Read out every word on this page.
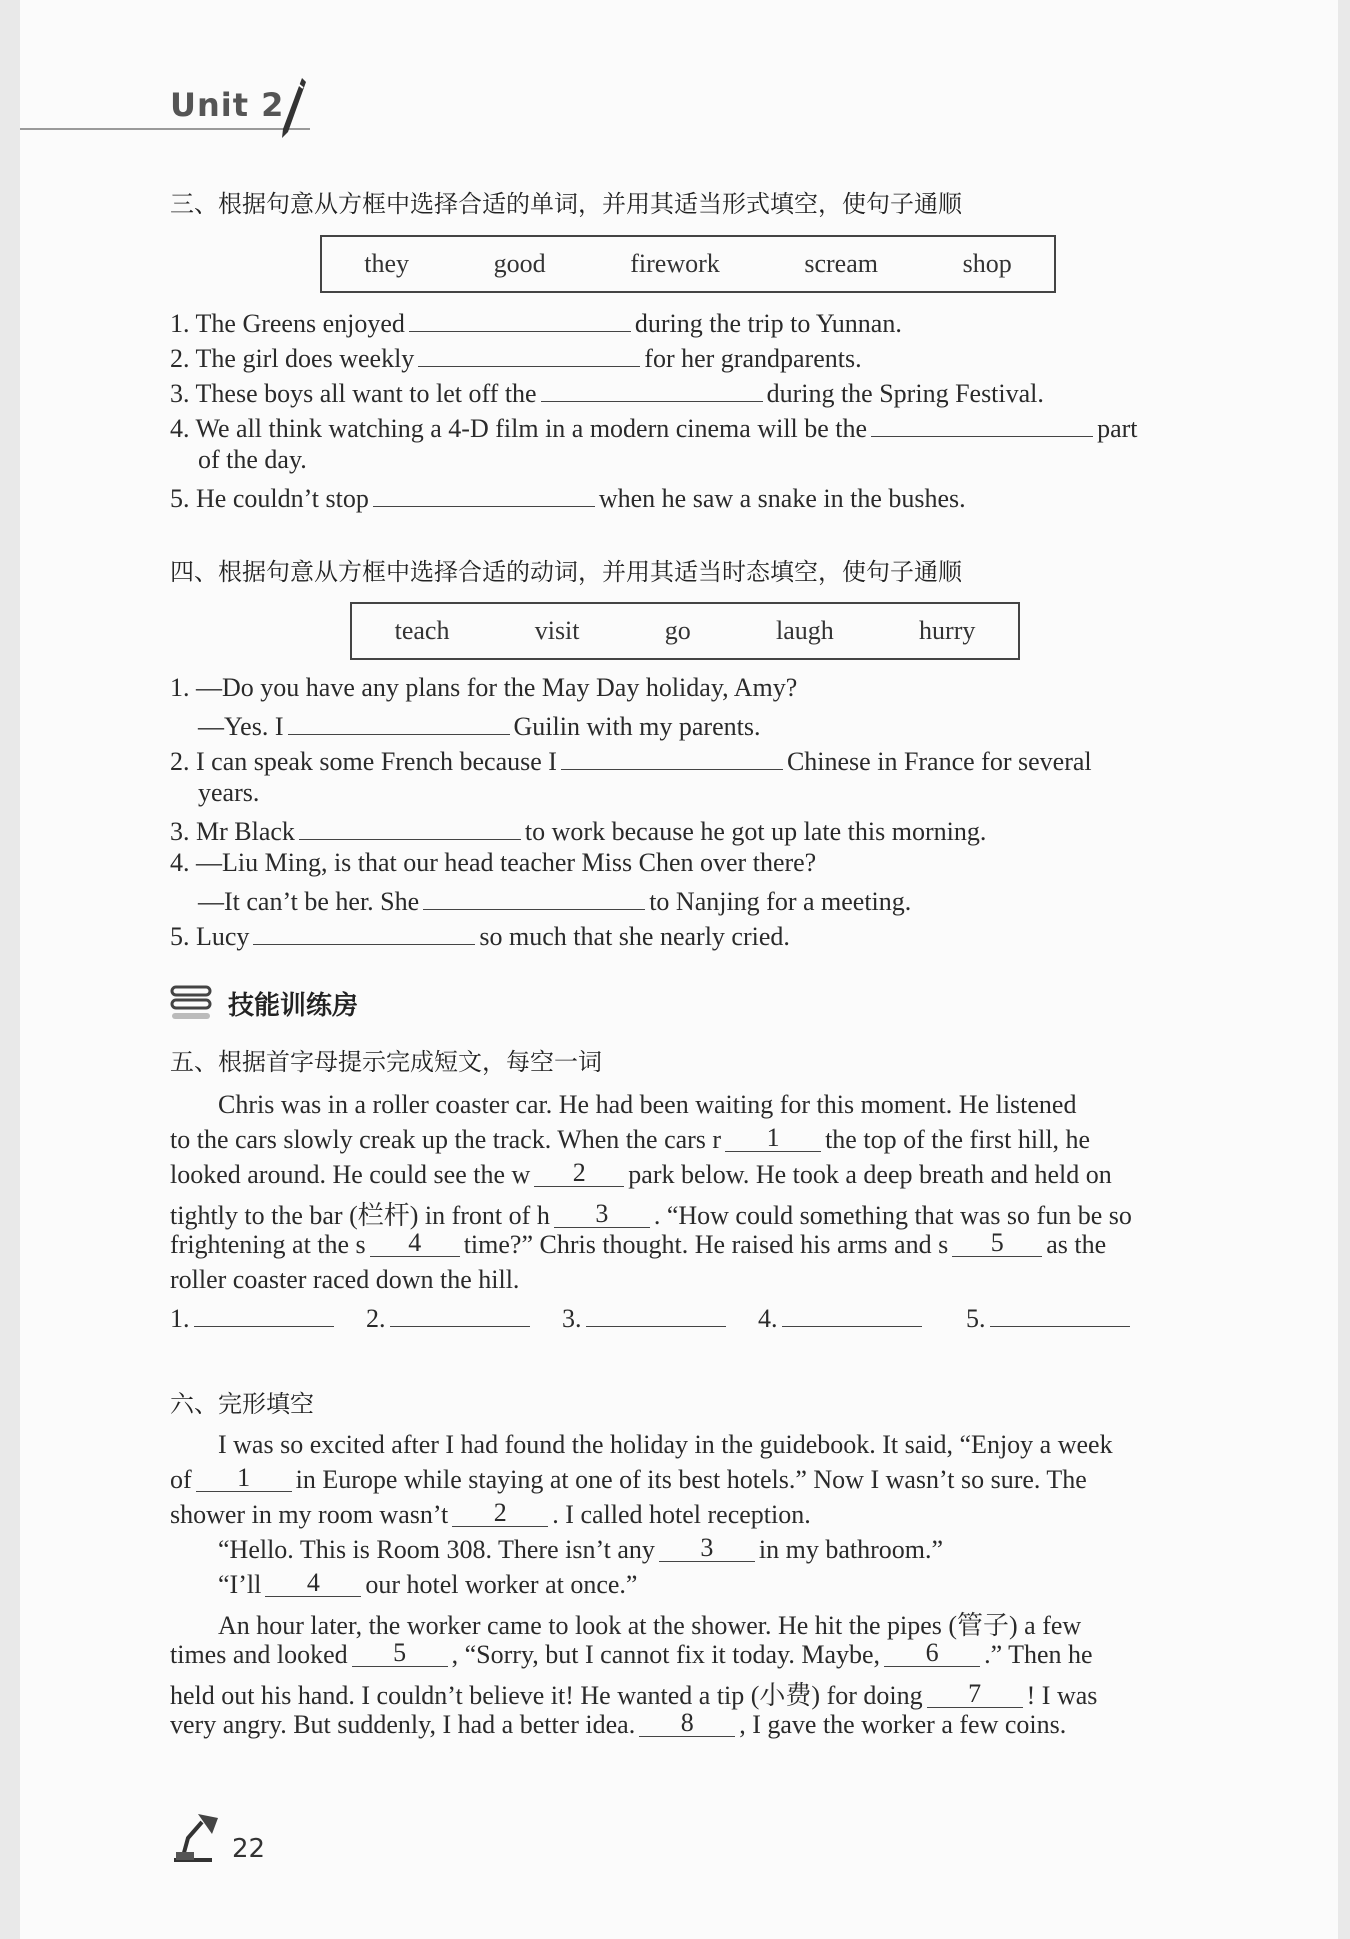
Unit 2
三、根据句意从方框中选择合适的单词，并用其适当形式填空，使句子通顺
they	good	firework	scream	shop
1. The Greens enjoyed	during the trip to Yunnan.
2. The girl does weekly	for her grandparents.
3. These boys all want to let off the	during the Spring Festival.
4. We all think watching a 4-D film in a modern cinema will be the	part
of the day.
5. He couldn’t stop	when he saw a snake in the bushes.
四、根据句意从方框中选择合适的动词，并用其适当时态填空，使句子通顺
teach	visit	go	laugh	hurry
1. —Do you have any plans for the May Day holiday, Amy?
—Yes. I	Guilin with my parents.
2. I can speak some French because I	Chinese in France for several
years.
3. Mr Black	to work because he got up late this morning.
4. —Liu Ming, is that our head teacher Miss Chen over there?
—It can’t be her. She	to Nanjing for a meeting.
5. Lucy	so much that she nearly cried.
技能训练房
五、根据首字母提示完成短文，每空一词
Chris was in a roller coaster car. He had been waiting for this moment. He listened
to the cars slowly creak up the track. When the cars r 1 the top of the first hill, he
looked around. He could see the w 2 park below. He took a deep breath and held on
tightly to the bar (栏杆) in front of h 3 . “How could something that was so fun be so
frightening at the s 4 time?” Chris thought. He raised his arms and s 5 as the
roller coaster raced down the hill.
1.	2.	3.	4.	5.
六、完形填空
I was so excited after I had found the holiday in the guidebook. It said, “Enjoy a week
of 1 in Europe while staying at one of its best hotels.” Now I wasn’t so sure. The
shower in my room wasn’t 2 . I called hotel reception.
“Hello. This is Room 308. There isn’t any 3 in my bathroom.”
“I’ll 4 our hotel worker at once.”
An hour later, the worker came to look at the shower. He hit the pipes (管子) a few
times and looked 5 , “Sorry, but I cannot fix it today. Maybe, 6 .” Then he
held out his hand. I couldn’t believe it! He wanted a tip (小费) for doing 7 ! I was
very angry. But suddenly, I had a better idea. 8 , I gave the worker a few coins.
22
